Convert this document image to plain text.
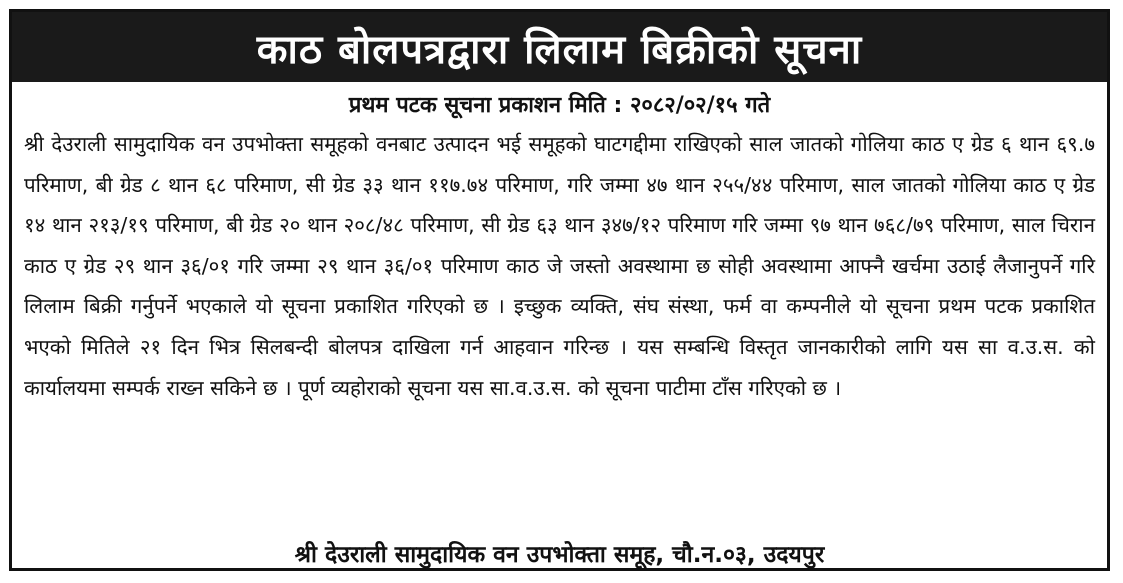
काठ बोलपत्रद्वारा लिलाम बिक्रीको सूचना
प्रथम पटक सूचना प्रकाशन मिति : २०८२/०२/१५ गते

श्री देउराली सामुदायिक वन उपभोक्ता समूहको वनबाट उत्पादन भई समूहको घाटगद्दीमा राखिएको साल जातको गोलिया काठ ए ग्रेड ६ थान ६९.७ परिमाण, बी ग्रेड ८ थान ६८ परिमाण, सी ग्रेड ३३ थान ११७.७४ परिमाण, गरि जम्मा ४७ थान २५५/४४ परिमाण, साल जातको गोलिया काठ ए ग्रेड १४ थान २१३/१९ परिमाण, बी ग्रेड २० थान २०८/४८ परिमाण, सी ग्रेड ६३ थान ३४७/१२ परिमाण गरि जम्मा ९७ थान ७६८/७९ परिमाण, साल चिरान काठ ए ग्रेड २९ थान ३६/०१ गरि जम्मा २९ थान ३६/०१ परिमाण काठ जे जस्तो अवस्थामा छ सोही अवस्थामा आफ्नै खर्चमा उठाई लैजानुपर्ने गरि लिलाम बिक्री गर्नुपर्ने भएकाले यो सूचना प्रकाशित गरिएको छ । इच्छुक व्यक्ति, संघ संस्था, फर्म वा कम्पनीले यो सूचना प्रथम पटक प्रकाशित भएको मितिले २१ दिन भित्र सिलबन्दी बोलपत्र दाखिला गर्न आहवान गरिन्छ । यस सम्बन्धि विस्तृत जानकारीको लागि यस सा व.उ.स. को कार्यालयमा सम्पर्क राख्न सकिने छ । पूर्ण व्यहोराको सूचना यस सा.व.उ.स. को सूचना पाटीमा टाँस गरिएको छ ।

श्री देउराली सामुदायिक वन उपभोक्ता समूह, चौ.न.०३, उदयपुर
